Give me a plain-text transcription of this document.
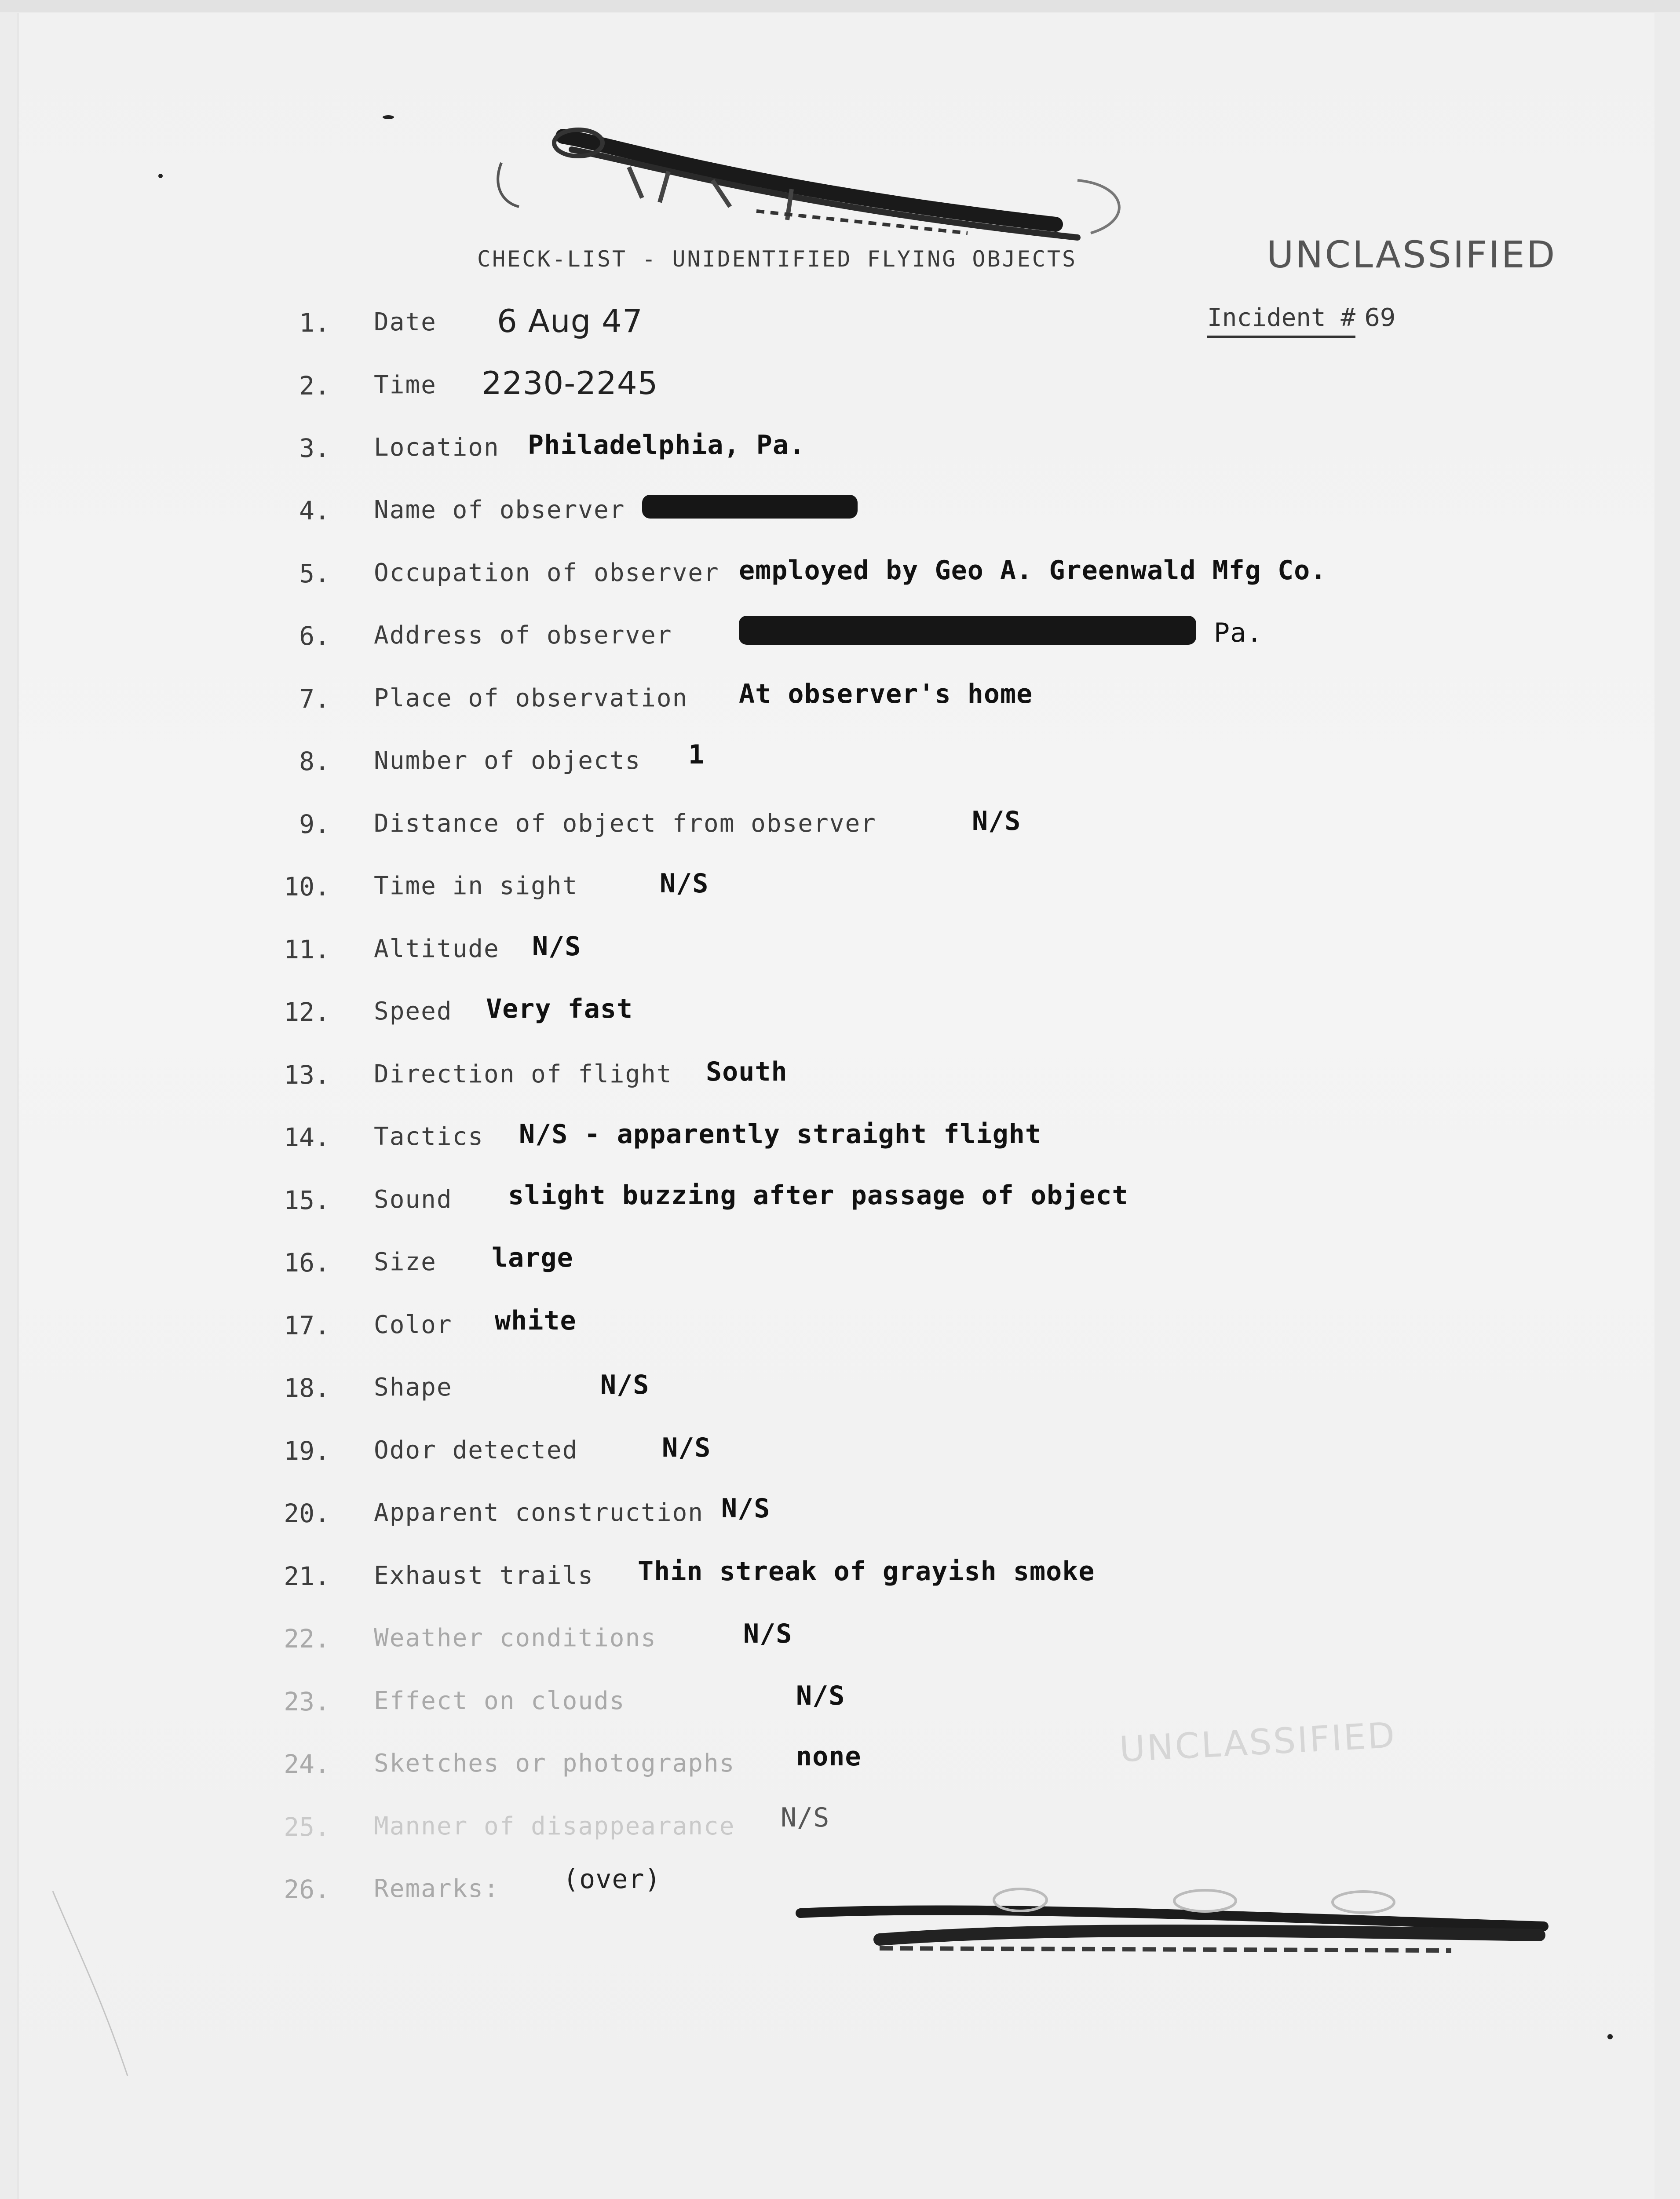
CHECK-LIST - UNIDENTIFIED FLYING OBJECTS	UNCLASSIFIED
Incident # 69
1. Date 6 Aug 47
2. Time 2230-2245
3. Location Philadelphia, Pa.
4. Name of observer
5. Occupation of observer employed by Geo A. Greenwald Mfg Co.
6. Address of observer	Pa.
7. Place of observation At observer's home
8. Number of objects 1
9. Distance of object from observer	N/S
10. Time in sight	N/S
11. Altitude N/S
12. Speed Very fast
13. Direction of flight South
14. Tactics N/S - apparently straight flight
15. Sound slight buzzing after passage of object
16. Size large
17. Color white
18. Shape	N/S
19. Odor detected	N/S
20. Apparent construction N/S
21. Exhaust trails Thin streak of grayish smoke
22. Weather conditions	N/S
23. Effect on clouds	N/S
24. Sketches or photographs none
25. Manner of disappearance N/S
26. Remarks: (over)
UNCLASSIFIED
